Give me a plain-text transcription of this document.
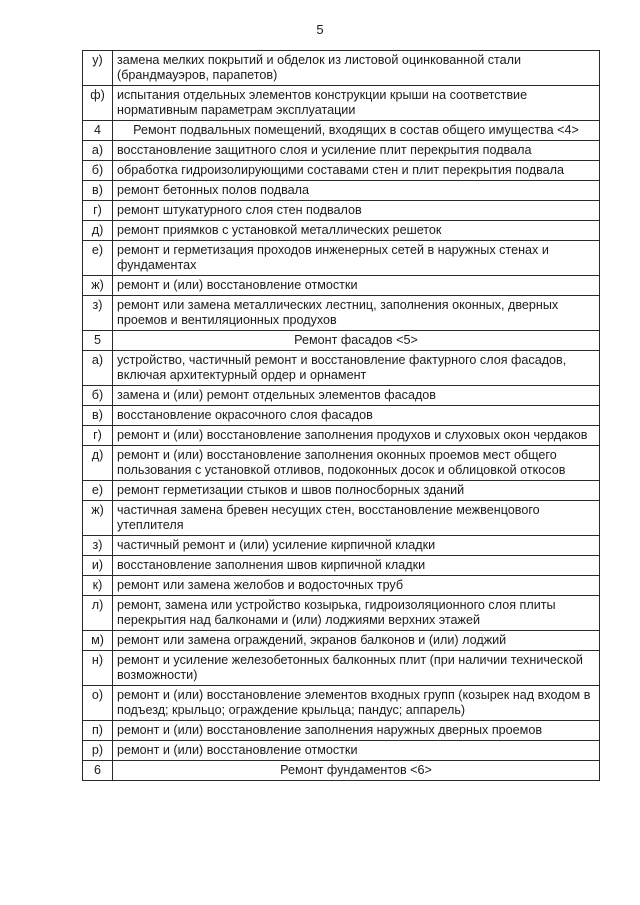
5
у)	замена мелких покрытий и обделок из листовой оцинкованной стали (брандмауэров, парапетов)
ф)	испытания отдельных элементов конструкции крыши на соответствие нормативным параметрам эксплуатации
4	Ремонт подвальных помещений, входящих в состав общего имущества <4>
а)	восстановление защитного слоя и усиление плит перекрытия подвала
б)	обработка гидроизолирующими составами стен и плит перекрытия подвала
в)	ремонт бетонных полов подвала
г)	ремонт штукатурного слоя стен подвалов
д)	ремонт приямков с установкой металлических решеток
е)	ремонт и герметизация проходов инженерных сетей в наружных стенах и фундаментах
ж)	ремонт и (или) восстановление отмостки
з)	ремонт или замена металлических лестниц, заполнения оконных, дверных проемов и вентиляционных продухов
5	Ремонт фасадов <5>
а)	устройство, частичный ремонт и восстановление фактурного слоя фасадов, включая архитектурный ордер и орнамент
б)	замена и (или) ремонт отдельных элементов фасадов
в)	восстановление окрасочного слоя фасадов
г)	ремонт и (или) восстановление заполнения продухов и слуховых окон чердаков
д)	ремонт и (или) восстановление заполнения оконных проемов мест общего пользования с установкой отливов, подоконных досок и облицовкой откосов
е)	ремонт герметизации стыков и швов полносборных зданий
ж)	частичная замена бревен несущих стен, восстановление межвенцового утеплителя
з)	частичный ремонт и (или) усиление кирпичной кладки
и)	восстановление заполнения швов кирпичной кладки
к)	ремонт или замена желобов и водосточных труб
л)	ремонт, замена или устройство козырька, гидроизоляционного слоя плиты перекрытия над балконами и (или) лоджиями верхних этажей
м)	ремонт или замена ограждений, экранов балконов и (или) лоджий
н)	ремонт и усиление железобетонных балконных плит (при наличии технической возможности)
о)	ремонт и (или) восстановление элементов входных групп (козырек над входом в подъезд; крыльцо; ограждение крыльца; пандус; аппарель)
п)	ремонт и (или) восстановление заполнения наружных дверных проемов
р)	ремонт и (или) восстановление отмостки
6	Ремонт фундаментов <6>
